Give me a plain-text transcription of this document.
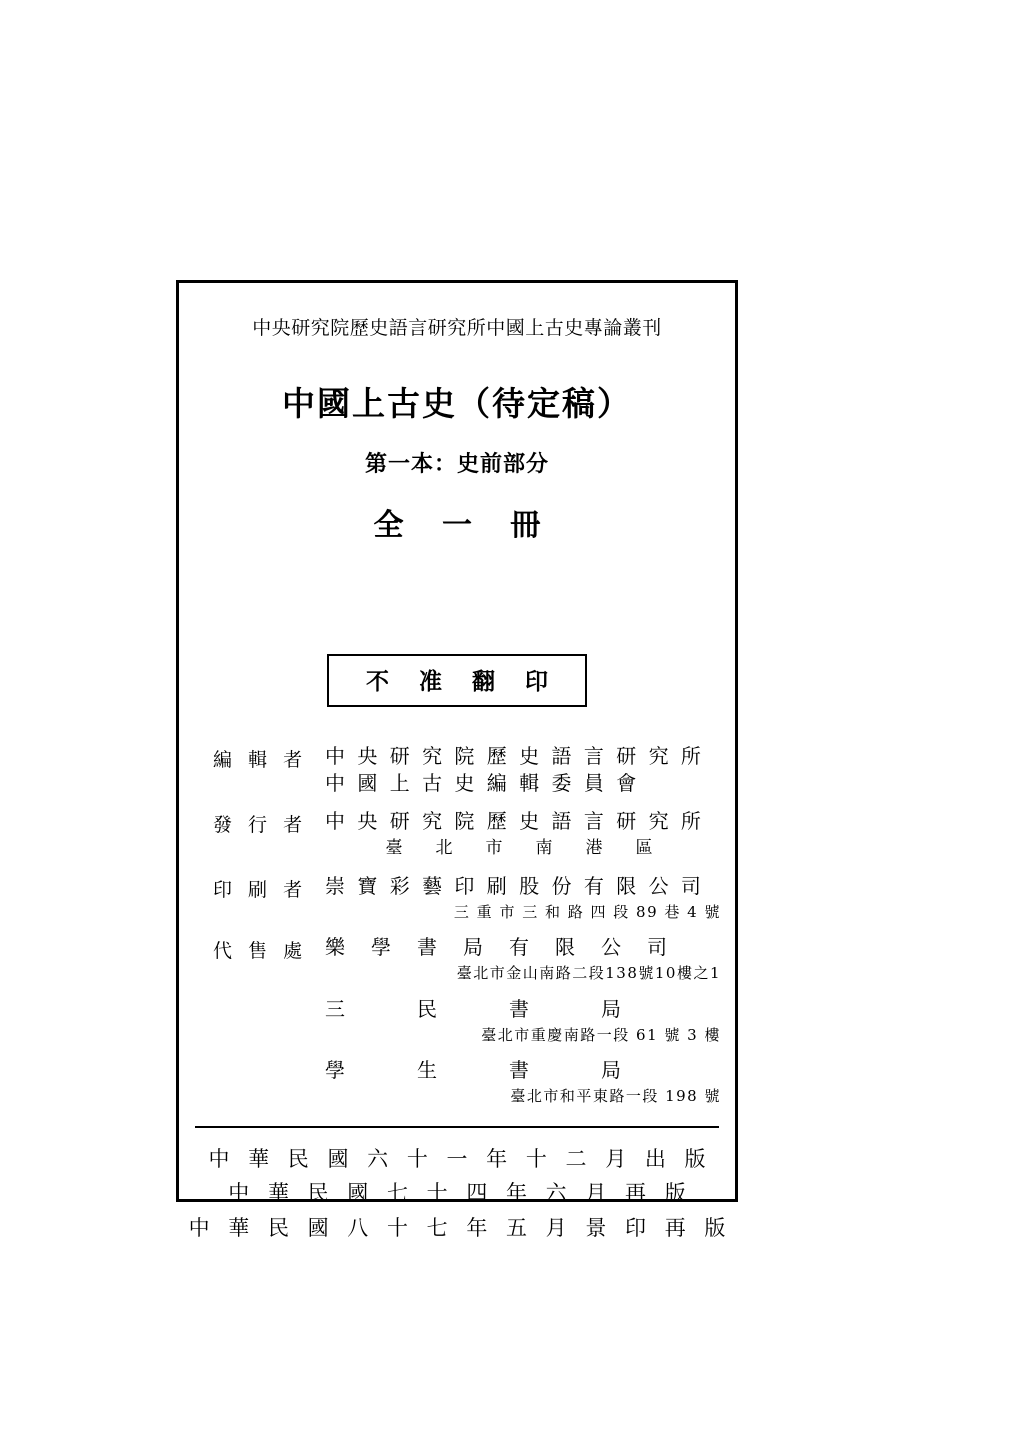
中央研究院歷史語言研究所中國上古史專論叢刊
中國上古史（待定稿）
第一本：史前部分
全 一 冊
不 准 翻 印
編 輯 者 中 央 研 究 院 歷 史 語 言 研 究 所
中 國 上 古 史 編 輯 委 員 會
發 行 者 中 央 研 究 院 歷 史 語 言 研 究 所
臺　北　市　南　港　區
印 刷 者 崇 寶 彩 藝 印 刷 股 份 有 限 公 司
三 重 市 三 和 路 四 段 89 巷 4 號
代 售 處 樂　學　書　局　有　限　公　司
臺北市金山南路二段138號10樓之1
三　　　民　　　書　　　局
臺北市重慶南路一段 61 號 3 樓
學　　　生　　　書　　　局
臺北市和平東路一段 198 號
中 華 民 國 六 十 一 年 十 二 月 出 版
中 華 民 國 七 十 四 年 六 月 再 版
中 華 民 國 八 十 七 年 五 月 景 印 再 版
